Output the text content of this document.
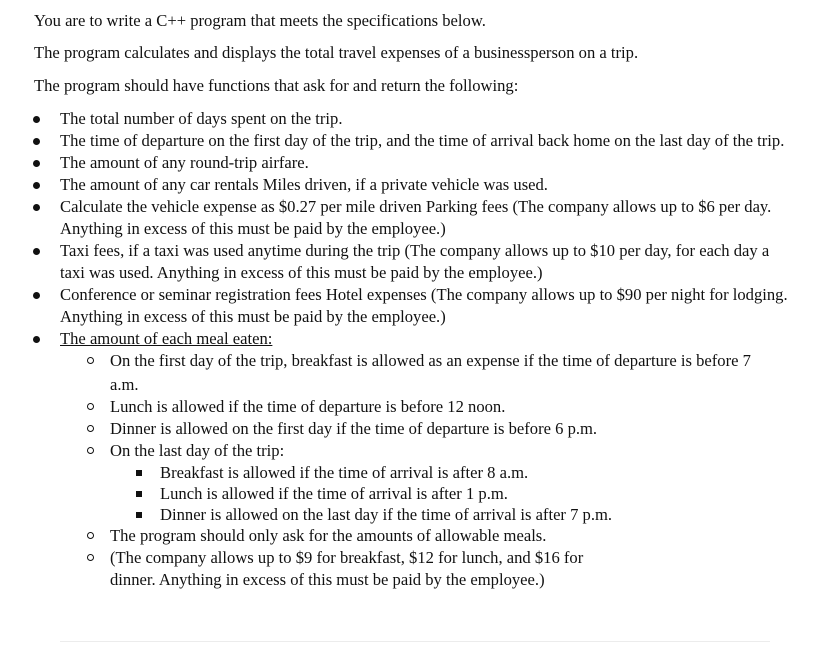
You are to write a C++ program that meets the specifications below.

The program calculates and displays the total travel expenses of a businessperson on a trip.

The program should have functions that ask for and return the following:

The total number of days spent on the trip.
The time of departure on the first day of the trip, and the time of arrival back home on the last day of the trip.
The amount of any round-trip airfare.
The amount of any car rentals Miles driven, if a private vehicle was used.
Calculate the vehicle expense as $0.27 per mile driven Parking fees (The company allows up to $6 per day. Anything in excess of this must be paid by the employee.)
Taxi fees, if a taxi was used anytime during the trip (The company allows up to $10 per day, for each day a taxi was used. Anything in excess of this must be paid by the employee.)
Conference or seminar registration fees Hotel expenses (The company allows up to $90 per night for lodging. Anything in excess of this must be paid by the employee.)
The amount of each meal eaten:
On the first day of the trip, breakfast is allowed as an expense if the time of departure is before 7
a.m.
Lunch is allowed if the time of departure is before 12 noon.
Dinner is allowed on the first day if the time of departure is before 6 p.m.
On the last day of the trip:
Breakfast is allowed if the time of arrival is after 8 a.m.
Lunch is allowed if the time of arrival is after 1 p.m.
Dinner is allowed on the last day if the time of arrival is after 7 p.m.
The program should only ask for the amounts of allowable meals.
(The company allows up to $9 for breakfast, $12 for lunch, and $16 for dinner. Anything in excess of this must be paid by the employee.)
